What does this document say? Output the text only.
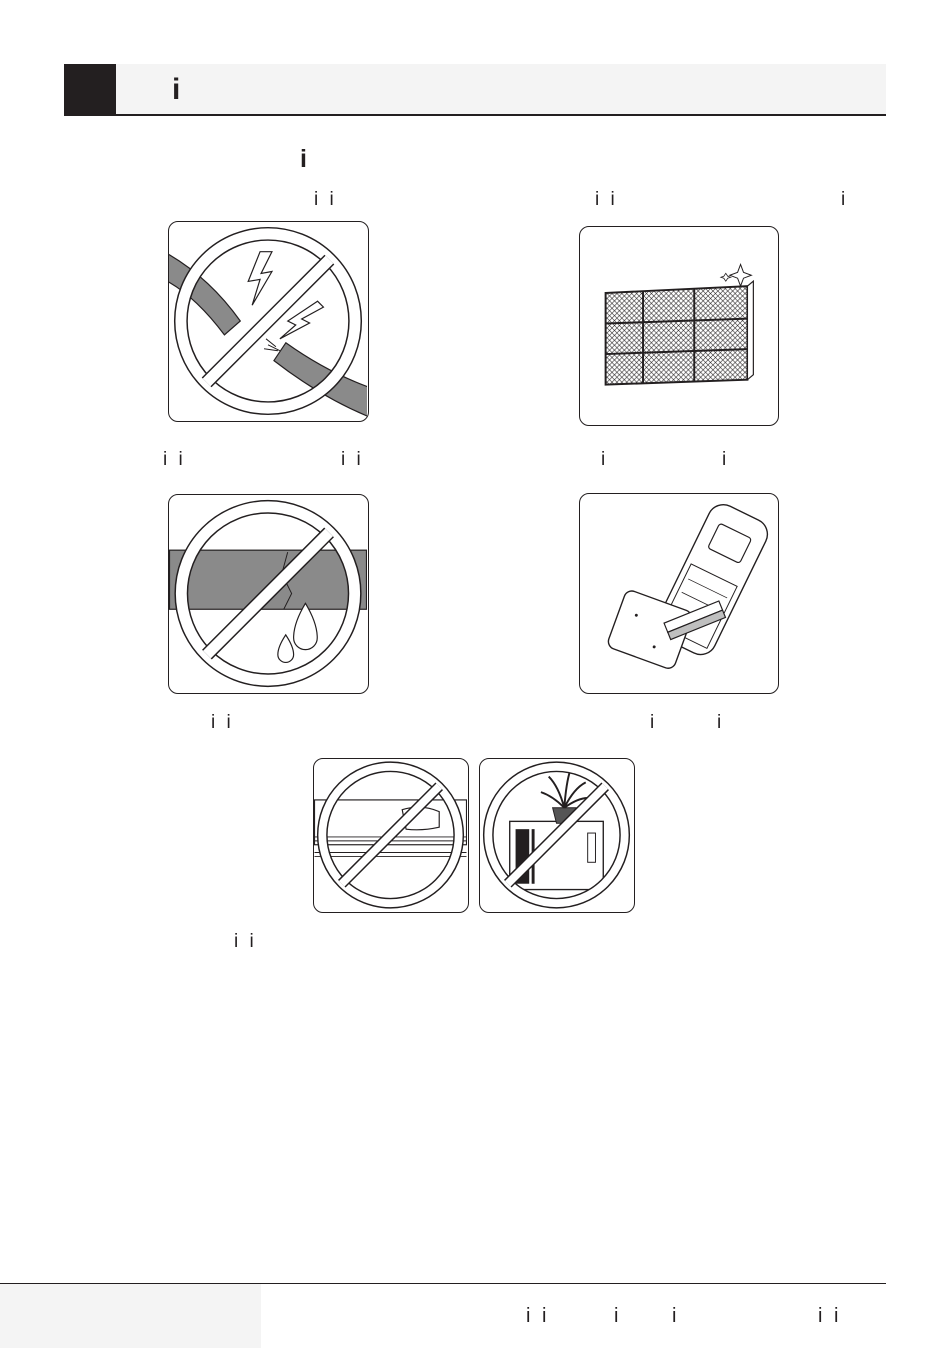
i
i
i i	i i	i
i i	i i	i	i
i i	i	i
i i
i i	i	i	i i
